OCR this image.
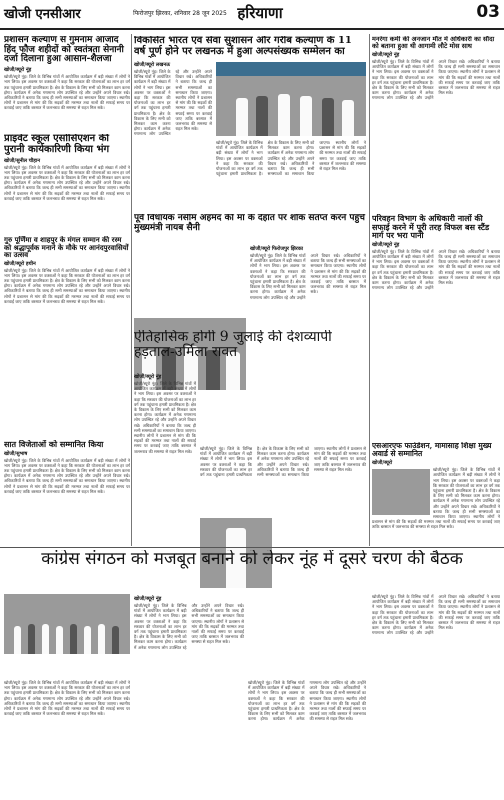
खोजी एनसीआर	फिरोजपुर झिरका, शनिवार 28 जून 2025 हरियाणा	03
प्रशासन कल्याण से गुमनाम आजाद हिंद फौज शहीदों को स्वतंत्रता सेनानी दर्जा दिलाना हुआ आसान-शैलजा
खोजी/ब्यूरो नूंह
खोजी/ब्यूरो नूंह। जिले के विभिन्न गांवों में आयोजित कार्यक्रम में बड़ी संख्या में लोगों ने भाग लिया। इस अवसर पर वक्ताओं ने कहा कि सरकार की योजनाओं का लाभ हर वर्ग तक पहुंचाना हमारी प्राथमिकता है। क्षेत्र के विकास के लिए सभी को मिलकर काम करना होगा। कार्यक्रम में अनेक गणमान्य लोग उपस्थित रहे और उन्होंने अपने विचार रखे। अधिकारियों ने बताया कि जल्द ही सभी समस्याओं का समाधान किया जाएगा। स्थानीय लोगों ने प्रशासन से मांग की कि सड़कों की मरम्मत तथा नालों की सफाई समय पर करवाई जाए ताकि बरसात में जलभराव की समस्या से राहत मिल सके।
विकसित भारत एवं सेवा सुशासन और गरीब कल्याण के 11 वर्ष पूर्ण होने पर लखनऊ में हुआ अल्पसंख्यक सम्मेलन का
खोजी/ब्यूरो लखनऊ
खोजी/ब्यूरो नूंह। जिले के विभिन्न गांवों में आयोजित कार्यक्रम में बड़ी संख्या में लोगों ने भाग लिया। इस अवसर पर वक्ताओं ने कहा कि सरकार की योजनाओं का लाभ हर वर्ग तक पहुंचाना हमारी प्राथमिकता है। क्षेत्र के विकास के लिए सभी को मिलकर काम करना होगा। कार्यक्रम में अनेक गणमान्य लोग उपस्थित रहे और उन्होंने अपने विचार रखे। अधिकारियों ने बताया कि जल्द ही सभी समस्याओं का समाधान किया जाएगा। स्थानीय लोगों ने प्रशासन से मांग की कि सड़कों की मरम्मत तथा नालों की सफाई समय पर करवाई जाए ताकि बरसात में जलभराव की समस्या से राहत मिल सके।
खोजी/ब्यूरो नूंह। जिले के विभिन्न गांवों में आयोजित कार्यक्रम में बड़ी संख्या में लोगों ने भाग लिया। इस अवसर पर वक्ताओं ने कहा कि सरकार की योजनाओं का लाभ हर वर्ग तक पहुंचाना हमारी प्राथमिकता है। क्षेत्र के विकास के लिए सभी को मिलकर काम करना होगा। कार्यक्रम में अनेक गणमान्य लोग उपस्थित रहे और उन्होंने अपने विचार रखे। अधिकारियों ने बताया कि जल्द ही सभी समस्याओं का समाधान किया जाएगा। स्थानीय लोगों ने प्रशासन से मांग की कि सड़कों की मरम्मत तथा नालों की सफाई समय पर करवाई जाए ताकि बरसात में जलभराव की समस्या से राहत मिल सके।
मनरेगा कर्मी की अनजान मौत में अधिकारी का सौदा को बताना हुआ थी आगामी लौटे मोस साथ
खोजी/ब्यूरो नूंह
खोजी/ब्यूरो नूंह। जिले के विभिन्न गांवों में आयोजित कार्यक्रम में बड़ी संख्या में लोगों ने भाग लिया। इस अवसर पर वक्ताओं ने कहा कि सरकार की योजनाओं का लाभ हर वर्ग तक पहुंचाना हमारी प्राथमिकता है। क्षेत्र के विकास के लिए सभी को मिलकर काम करना होगा। कार्यक्रम में अनेक गणमान्य लोग उपस्थित रहे और उन्होंने अपने विचार रखे। अधिकारियों ने बताया कि जल्द ही सभी समस्याओं का समाधान किया जाएगा। स्थानीय लोगों ने प्रशासन से मांग की कि सड़कों की मरम्मत तथा नालों की सफाई समय पर करवाई जाए ताकि बरसात में जलभराव की समस्या से राहत मिल सके।
प्राइवेट स्कूल एसोसिएशन की पुरानी कार्यकारिणी किया भंग
खोजी/सुनील चौहान
खोजी/ब्यूरो नूंह। जिले के विभिन्न गांवों में आयोजित कार्यक्रम में बड़ी संख्या में लोगों ने भाग लिया। इस अवसर पर वक्ताओं ने कहा कि सरकार की योजनाओं का लाभ हर वर्ग तक पहुंचाना हमारी प्राथमिकता है। क्षेत्र के विकास के लिए सभी को मिलकर काम करना होगा। कार्यक्रम में अनेक गणमान्य लोग उपस्थित रहे और उन्होंने अपने विचार रखे। अधिकारियों ने बताया कि जल्द ही सभी समस्याओं का समाधान किया जाएगा। स्थानीय लोगों ने प्रशासन से मांग की कि सड़कों की मरम्मत तथा नालों की सफाई समय पर करवाई जाए ताकि बरसात में जलभराव की समस्या से राहत मिल सके।
गुरु पूर्णिमा व शाहपुर के मंगल सम्मान की रस्म को श्रद्धापूर्वक मनाने के मौके पर आनंदपुरवासियों का उत्सव
खोजी/ब्यूरो हथीन
खोजी/ब्यूरो नूंह। जिले के विभिन्न गांवों में आयोजित कार्यक्रम में बड़ी संख्या में लोगों ने भाग लिया। इस अवसर पर वक्ताओं ने कहा कि सरकार की योजनाओं का लाभ हर वर्ग तक पहुंचाना हमारी प्राथमिकता है। क्षेत्र के विकास के लिए सभी को मिलकर काम करना होगा। कार्यक्रम में अनेक गणमान्य लोग उपस्थित रहे और उन्होंने अपने विचार रखे। अधिकारियों ने बताया कि जल्द ही सभी समस्याओं का समाधान किया जाएगा। स्थानीय लोगों ने प्रशासन से मांग की कि सड़कों की मरम्मत तथा नालों की सफाई समय पर करवाई जाए ताकि बरसात में जलभराव की समस्या से राहत मिल सके।
पूर्व विधायक नसीम अहमद की माँ के देहांत पर शोक संतप्त करने पहुँचे मुख्यमंत्री नायब सैनी
खोजी/ब्यूरो फिरोजपुर झिरका
खोजी/ब्यूरो नूंह। जिले के विभिन्न गांवों में आयोजित कार्यक्रम में बड़ी संख्या में लोगों ने भाग लिया। इस अवसर पर वक्ताओं ने कहा कि सरकार की योजनाओं का लाभ हर वर्ग तक पहुंचाना हमारी प्राथमिकता है। क्षेत्र के विकास के लिए सभी को मिलकर काम करना होगा। कार्यक्रम में अनेक गणमान्य लोग उपस्थित रहे और उन्होंने अपने विचार रखे। अधिकारियों ने बताया कि जल्द ही सभी समस्याओं का समाधान किया जाएगा। स्थानीय लोगों ने प्रशासन से मांग की कि सड़कों की मरम्मत तथा नालों की सफाई समय पर करवाई जाए ताकि बरसात में जलभराव की समस्या से राहत मिल सके।
परिवहन विभाग के अधिकारी नालों की सफाई करने में पूरी तरह विफल बस स्टैंड मार्ग पर भरा पानी
खोजी/ब्यूरो नूंह
खोजी/ब्यूरो नूंह। जिले के विभिन्न गांवों में आयोजित कार्यक्रम में बड़ी संख्या में लोगों ने भाग लिया। इस अवसर पर वक्ताओं ने कहा कि सरकार की योजनाओं का लाभ हर वर्ग तक पहुंचाना हमारी प्राथमिकता है। क्षेत्र के विकास के लिए सभी को मिलकर काम करना होगा। कार्यक्रम में अनेक गणमान्य लोग उपस्थित रहे और उन्होंने अपने विचार रखे। अधिकारियों ने बताया कि जल्द ही सभी समस्याओं का समाधान किया जाएगा। स्थानीय लोगों ने प्रशासन से मांग की कि सड़कों की मरम्मत तथा नालों की सफाई समय पर करवाई जाए ताकि बरसात में जलभराव की समस्या से राहत मिल सके।
ऐतिहासिक होगी 9 जुलाई की देशव्यापी हड़ताल-उर्मिला रावत
खोजी/ब्यूरो नूंह
खोजी/ब्यूरो नूंह। जिले के विभिन्न गांवों में आयोजित कार्यक्रम में बड़ी संख्या में लोगों ने भाग लिया। इस अवसर पर वक्ताओं ने कहा कि सरकार की योजनाओं का लाभ हर वर्ग तक पहुंचाना हमारी प्राथमिकता है। क्षेत्र के विकास के लिए सभी को मिलकर काम करना होगा। कार्यक्रम में अनेक गणमान्य लोग उपस्थित रहे और उन्होंने अपने विचार रखे। अधिकारियों ने बताया कि जल्द ही सभी समस्याओं का समाधान किया जाएगा। स्थानीय लोगों ने प्रशासन से मांग की कि सड़कों की मरम्मत तथा नालों की सफाई समय पर करवाई जाए ताकि बरसात में जलभराव की समस्या से राहत मिल सके।
खोजी/ब्यूरो नूंह। जिले के विभिन्न गांवों में आयोजित कार्यक्रम में बड़ी संख्या में लोगों ने भाग लिया। इस अवसर पर वक्ताओं ने कहा कि सरकार की योजनाओं का लाभ हर वर्ग तक पहुंचाना हमारी प्राथमिकता है। क्षेत्र के विकास के लिए सभी को मिलकर काम करना होगा। कार्यक्रम में अनेक गणमान्य लोग उपस्थित रहे और उन्होंने अपने विचार रखे। अधिकारियों ने बताया कि जल्द ही सभी समस्याओं का समाधान किया जाएगा। स्थानीय लोगों ने प्रशासन से मांग की कि सड़कों की मरम्मत तथा नालों की सफाई समय पर करवाई जाए ताकि बरसात में जलभराव की समस्या से राहत मिल सके।
सात विजेताओं को सम्मानित किया
खोजी/सुभाष
खोजी/ब्यूरो नूंह। जिले के विभिन्न गांवों में आयोजित कार्यक्रम में बड़ी संख्या में लोगों ने भाग लिया। इस अवसर पर वक्ताओं ने कहा कि सरकार की योजनाओं का लाभ हर वर्ग तक पहुंचाना हमारी प्राथमिकता है। क्षेत्र के विकास के लिए सभी को मिलकर काम करना होगा। कार्यक्रम में अनेक गणमान्य लोग उपस्थित रहे और उन्होंने अपने विचार रखे। अधिकारियों ने बताया कि जल्द ही सभी समस्याओं का समाधान किया जाएगा। स्थानीय लोगों ने प्रशासन से मांग की कि सड़कों की मरम्मत तथा नालों की सफाई समय पर करवाई जाए ताकि बरसात में जलभराव की समस्या से राहत मिल सके।
एसआरएफ फाउंडेशन, मामासाह शिक्षा मुख्य अवार्ड से सम्मानित
खोजी/ब्यूरो
खोजी/ब्यूरो नूंह। जिले के विभिन्न गांवों में आयोजित कार्यक्रम में बड़ी संख्या में लोगों ने भाग लिया। इस अवसर पर वक्ताओं ने कहा कि सरकार की योजनाओं का लाभ हर वर्ग तक पहुंचाना हमारी प्राथमिकता है। क्षेत्र के विकास के लिए सभी को मिलकर काम करना होगा। कार्यक्रम में अनेक गणमान्य लोग उपस्थित रहे और उन्होंने अपने विचार रखे। अधिकारियों ने बताया कि जल्द ही सभी समस्याओं का समाधान किया जाएगा। स्थानीय लोगों ने प्रशासन से मांग की कि सड़कों की मरम्मत तथा नालों की सफाई समय पर करवाई जाए ताकि बरसात में जलभराव की समस्या से राहत मिल सके।
कांग्रेस संगठन को मजबूत बनाने को लेकर नूंह में दूसरे चरण की बैठक
खोजी/ब्यूरो नूंह। जिले के विभिन्न गांवों में आयोजित कार्यक्रम में बड़ी संख्या में लोगों ने भाग लिया। इस अवसर पर वक्ताओं ने कहा कि सरकार की योजनाओं का लाभ हर वर्ग तक पहुंचाना हमारी प्राथमिकता है। क्षेत्र के विकास के लिए सभी को मिलकर काम करना होगा। कार्यक्रम में अनेक गणमान्य लोग उपस्थित रहे और उन्होंने अपने विचार रखे। अधिकारियों ने बताया कि जल्द ही सभी समस्याओं का समाधान किया जाएगा। स्थानीय लोगों ने प्रशासन से मांग की कि सड़कों की मरम्मत तथा नालों की सफाई समय पर करवाई जाए ताकि बरसात में जलभराव की समस्या से राहत मिल सके।
खोजी/ब्यूरो नूंह
खोजी/ब्यूरो नूंह। जिले के विभिन्न गांवों में आयोजित कार्यक्रम में बड़ी संख्या में लोगों ने भाग लिया। इस अवसर पर वक्ताओं ने कहा कि सरकार की योजनाओं का लाभ हर वर्ग तक पहुंचाना हमारी प्राथमिकता है। क्षेत्र के विकास के लिए सभी को मिलकर काम करना होगा। कार्यक्रम में अनेक गणमान्य लोग उपस्थित रहे और उन्होंने अपने विचार रखे। अधिकारियों ने बताया कि जल्द ही सभी समस्याओं का समाधान किया जाएगा। स्थानीय लोगों ने प्रशासन से मांग की कि सड़कों की मरम्मत तथा नालों की सफाई समय पर करवाई जाए ताकि बरसात में जलभराव की समस्या से राहत मिल सके।
खोजी/ब्यूरो नूंह। जिले के विभिन्न गांवों में आयोजित कार्यक्रम में बड़ी संख्या में लोगों ने भाग लिया। इस अवसर पर वक्ताओं ने कहा कि सरकार की योजनाओं का लाभ हर वर्ग तक पहुंचाना हमारी प्राथमिकता है। क्षेत्र के विकास के लिए सभी को मिलकर काम करना होगा। कार्यक्रम में अनेक गणमान्य लोग उपस्थित रहे और उन्होंने अपने विचार रखे। अधिकारियों ने बताया कि जल्द ही सभी समस्याओं का समाधान किया जाएगा। स्थानीय लोगों ने प्रशासन से मांग की कि सड़कों की मरम्मत तथा नालों की सफाई समय पर करवाई जाए ताकि बरसात में जलभराव की समस्या से राहत मिल सके।
खोजी/ब्यूरो नूंह। जिले के विभिन्न गांवों में आयोजित कार्यक्रम में बड़ी संख्या में लोगों ने भाग लिया। इस अवसर पर वक्ताओं ने कहा कि सरकार की योजनाओं का लाभ हर वर्ग तक पहुंचाना हमारी प्राथमिकता है। क्षेत्र के विकास के लिए सभी को मिलकर काम करना होगा। कार्यक्रम में अनेक गणमान्य लोग उपस्थित रहे और उन्होंने अपने विचार रखे। अधिकारियों ने बताया कि जल्द ही सभी समस्याओं का समाधान किया जाएगा। स्थानीय लोगों ने प्रशासन से मांग की कि सड़कों की मरम्मत तथा नालों की सफाई समय पर करवाई जाए ताकि बरसात में जलभराव की समस्या से राहत मिल सके।
